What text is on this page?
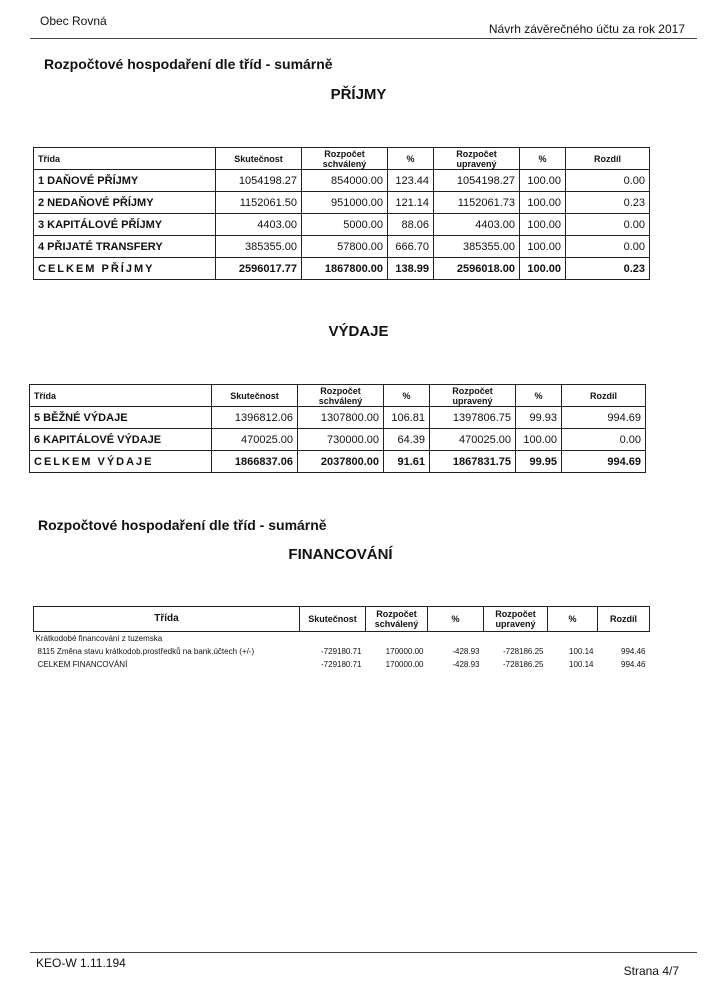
Obec Rovná
Návrh závěrečného účtu za rok 2017
Rozpočtové hospodaření dle tříd - sumárně
PŘÍJMY
Třída	Skutečnost	Rozpočet schválený	%	Rozpočet upravený	%	Rozdíl
1 DAŇOVÉ PŘÍJMY	1054198.27	854000.00	123.44	1054198.27	100.00	0.00
2 NEDAŇOVÉ PŘÍJMY	1152061.50	951000.00	121.14	1152061.73	100.00	0.23
3 KAPITÁLOVÉ PŘÍJMY	4403.00	5000.00	88.06	4403.00	100.00	0.00
4 PŘIJATÉ TRANSFERY	385355.00	57800.00	666.70	385355.00	100.00	0.00
CELKEM PŘÍJMY	2596017.77	1867800.00	138.99	2596018.00	100.00	0.23
VÝDAJE
Třída	Skutečnost	Rozpočet schválený	%	Rozpočet upravený	%	Rozdíl
5 BĚŽNÉ VÝDAJE	1396812.06	1307800.00	106.81	1397806.75	99.93	994.69
6 KAPITÁLOVÉ VÝDAJE	470025.00	730000.00	64.39	470025.00	100.00	0.00
CELKEM VÝDAJE	1866837.06	2037800.00	91.61	1867831.75	99.95	994.69
Rozpočtové hospodaření dle tříd - sumárně
FINANCOVÁNÍ
Třída	Skutečnost	Rozpočet schválený	%	Rozpočet upravený	%	Rozdíl
Krátkodobé financování z tuzemska						
8115 Změna stavu krátkodob.prostředků na bank.účtech (+/-)	-729180.71	170000.00	-428.93	-728186.25	100.14	994.46
CELKEM FINANCOVÁNÍ	-729180.71	170000.00	-428.93	-728186.25	100.14	994.46
KEO-W 1.11.194
Strana 4/7
